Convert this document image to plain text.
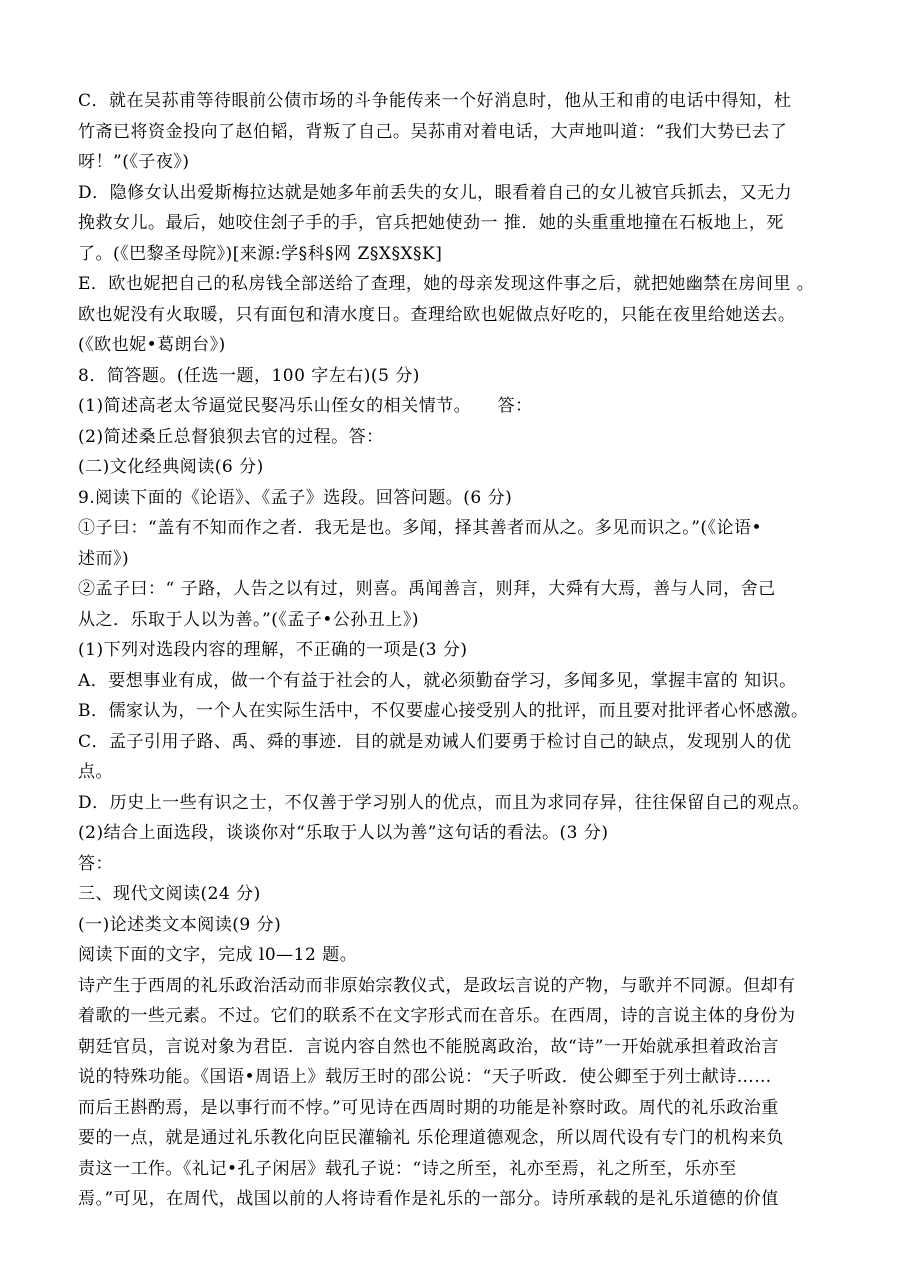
C．就在吴荪甫等待眼前公债市场的斗争能传来一个好消息时，他从王和甫的电话中得知，杜
竹斋已将资金投向了赵伯韬，背叛了自己。吴荪甫对着电话，大声地叫道：“我们大势已去了
呀！”(《子夜》)
D．隐修女认出爱斯梅拉达就是她多年前丢失的女儿，眼看着自己的女儿被官兵抓去，又无力
挽救女儿。最后，她咬住刽子手的手，官兵把她使劲一 推．她的头重重地撞在石板地上，死
了。(《巴黎圣母院》)[来源:学§科§网 Z§X§X§K]
E．欧也妮把自己的私房钱全部送给了查理，她的母亲发现这件事之后，就把她幽禁在房间里 。
欧也妮没有火取暖，只有面包和清水度日。查理给欧也妮做点好吃的，只能在夜里给她送去。
(《欧也妮•葛朗台》)
8．简答题。(任选一题，100 字左右)(5 分)
(1)简述高老太爷逼觉民娶冯乐山侄女的相关情节。　　答：
(2)简述桑丘总督狼狈去官的过程。答：
(二)文化经典阅读(6 分)
9.阅读下面的《论语》、《孟子》选段。回答问题。(6 分)
①子曰：“盖有不知而作之者．我无是也。多闻，择其善者而从之。多见而识之。”(《论语•
述而》)
②孟子曰：“ 子路，人告之以有过，则喜。禹闻善言，则拜，大舜有大焉，善与人同，舍己
从之．乐取于人以为善。”(《孟子•公孙丑上》)
(1)下列对选段内容的理解，不正确的一项是(3 分)
A．要想事业有成，做一个有益于社会的人，就必须勤奋学习，多闻多见，掌握丰富的 知识。
B．儒家认为，一个人在实际生活中，不仅要虚心接受别人的批评，而且要对批评者心怀感激。
C．孟子引用子路、禹、舜的事迹．目的就是劝诫人们要勇于检讨自己的缺点，发现别人的优
点。
D．历史上一些有识之士，不仅善于学习别人的优点，而且为求同存异，往往保留自己的观点。
(2)结合上面选段，谈谈你对“乐取于人以为善”这句话的看法。(3 分)
答：
三、现代文阅读(24 分)
(一)论述类文本阅读(9 分)
阅读下面的文字，完成 l0—12 题。
诗产生于西周的礼乐政治活动而非原始宗教仪式，是政坛言说的产物，与歌并不同源。但却有
着歌的一些元素。不过。它们的联系不在文字形式而在音乐。在西周，诗的言说主体的身份为
朝廷官员，言说对象为君臣．言说内容自然也不能脱离政治，故“诗”一开始就承担着政治言
说的特殊功能。《国语•周语上》载厉王时的邵公说：“天子听政．使公卿至于列士献诗……
而后王斟酌焉，是以事行而不悖。”可见诗在西周时期的功能是补察时政。周代的礼乐政治重
要的一点，就是通过礼乐教化向臣民灌输礼 乐伦理道德观念，所以周代设有专门的机构来负
责这一工作。《礼记•孔子闲居》载孔子说：“诗之所至，礼亦至焉，礼之所至，乐亦至
焉。”可见，在周代，战国以前的人将诗看作是礼乐的一部分。诗所承载的是礼乐道德的价值
